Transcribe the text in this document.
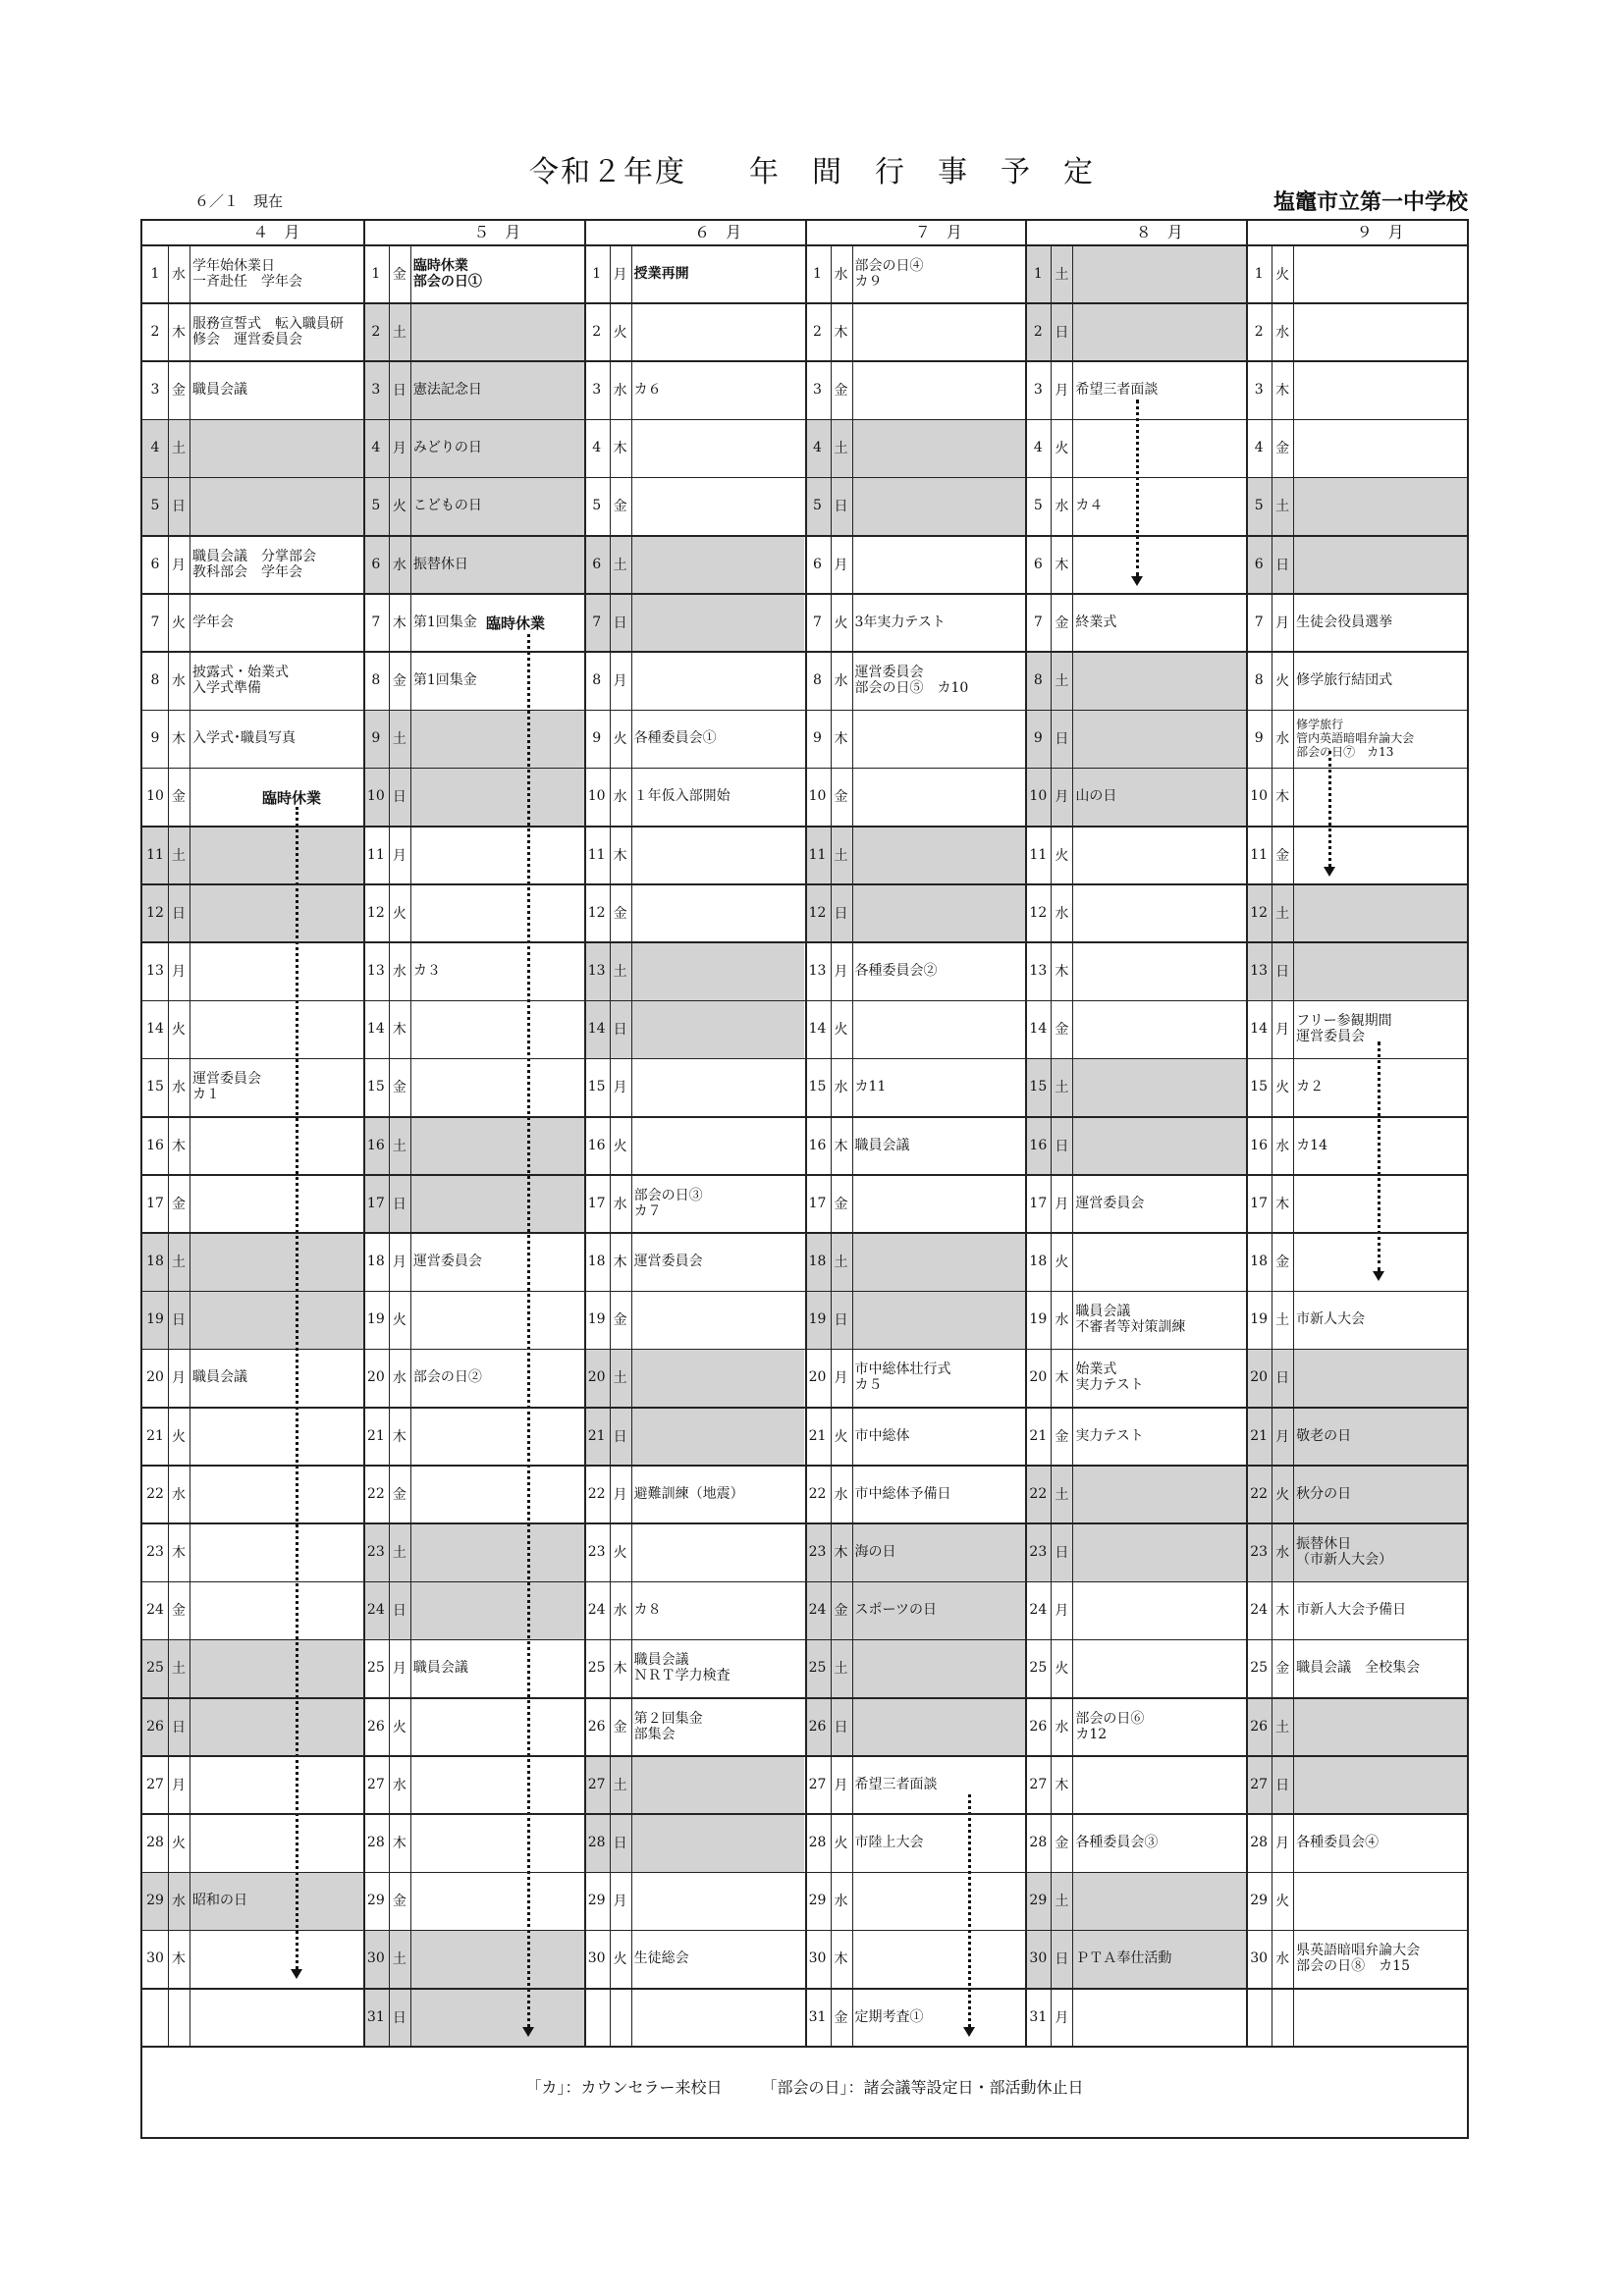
令和２年度　　年　間　行　事　予　定
６／１　現在	塩竈市立第一中学校
４　月
1 水
学年始休業日
一斉赴任　学年会
2 木
服務宣誓式　転入職員研
修会　運営委員会
3 金 職員会議
4 土
5 日
6 月
職員会議　分掌部会
教科部会　学年会
7 火 学年会
8 水
披露式・始業式
入学式準備
9 木 入学式･職員写真
10 金
11 土
12 日
13 月
14 火
15 水
運営委員会
カ１
16 木
17 金
18 土
19 日
20 月 職員会議
21 火
22 水
23 木
24 金
25 土
26 日
27 月
28 火
29 水 昭和の日
30 木
５　月
1 金
臨時休業
部会の日①
2 土
3 日 憲法記念日
4 月 みどりの日
5 火 こどもの日
6 水 振替休日
7 木 第1回集金
8 金 第1回集金
9 土
10 日
11 月
12 火
13 水 カ３
14 木
15 金
16 土
17 日
18 月 運営委員会
19 火
20 水 部会の日②
21 木
22 金
23 土
24 日
25 月 職員会議
26 火
27 水
28 木
29 金
30 土
31 日
６　月
1 月 授業再開
2 火
3 水 カ６
4 木
5 金
6 土
7 日
8 月
9 火 各種委員会①
10 水 １年仮入部開始
11 木
12 金
13 土
14 日
15 月
16 火
17 水
部会の日③
カ７
18 木 運営委員会
19 金
20 土
21 日
22 月 避難訓練（地震）
23 火
24 水 カ８
25 木
職員会議
ＮＲＴ学力検査
26 金
第２回集金
部集会
27 土
28 日
29 月
30 火 生徒総会
７　月
1 水
部会の日④
カ９
2 木
3 金
4 土
5 日
6 月
7 火 3年実力テスト
8 水
運営委員会
部会の日⑤　カ10
9 木
10 金
11 土
12 日
13 月 各種委員会②
14 火
15 水 カ11
16 木 職員会議
17 金
18 土
19 日
20 月
市中総体壮行式
カ５
21 火 市中総体
22 水 市中総体予備日
23 木 海の日
24 金 スポーツの日
25 土
26 日
27 月 希望三者面談
28 火 市陸上大会
29 水
30 木
31 金 定期考査①
８　月
1 土
2 日
3 月 希望三者面談
4 火
5 水 カ４
6 木
7 金 終業式
8 土
9 日
10 月 山の日
11 火
12 水
13 木
14 金
15 土
16 日
17 月 運営委員会
18 火
19 水
職員会議
不審者等対策訓練
20 木
始業式
実力テスト
21 金 実力テスト
22 土
23 日
24 月
25 火
26 水
部会の日⑥
カ12
27 木
28 金 各種委員会③
29 土
30 日 ＰＴＡ奉仕活動
31 月
９　月
1 火
2 水
3 木
4 金
5 土
6 日
7 月 生徒会役員選挙
8 火 修学旅行結団式
9 水
修学旅行
管内英語暗唱弁論大会
部会の日⑦　カ13
10 木
11 金
12 土
13 日
14 月
フリー参観期間
運営委員会
15 火 カ２
16 水 カ14
17 木
18 金
19 土 市新人大会
20 日
21 月 敬老の日
22 火 秋分の日
23 水
振替休日
（市新人大会）
24 木 市新人大会予備日
25 金 職員会議　全校集会
26 土
27 日
28 月 各種委員会④
29 火
30 水
県英語暗唱弁論大会
部会の日⑧　カ15
臨時休業
臨時休業
「カ」：カウンセラー来校日　　　「部会の日」：諸会議等設定日・部活動休止日
